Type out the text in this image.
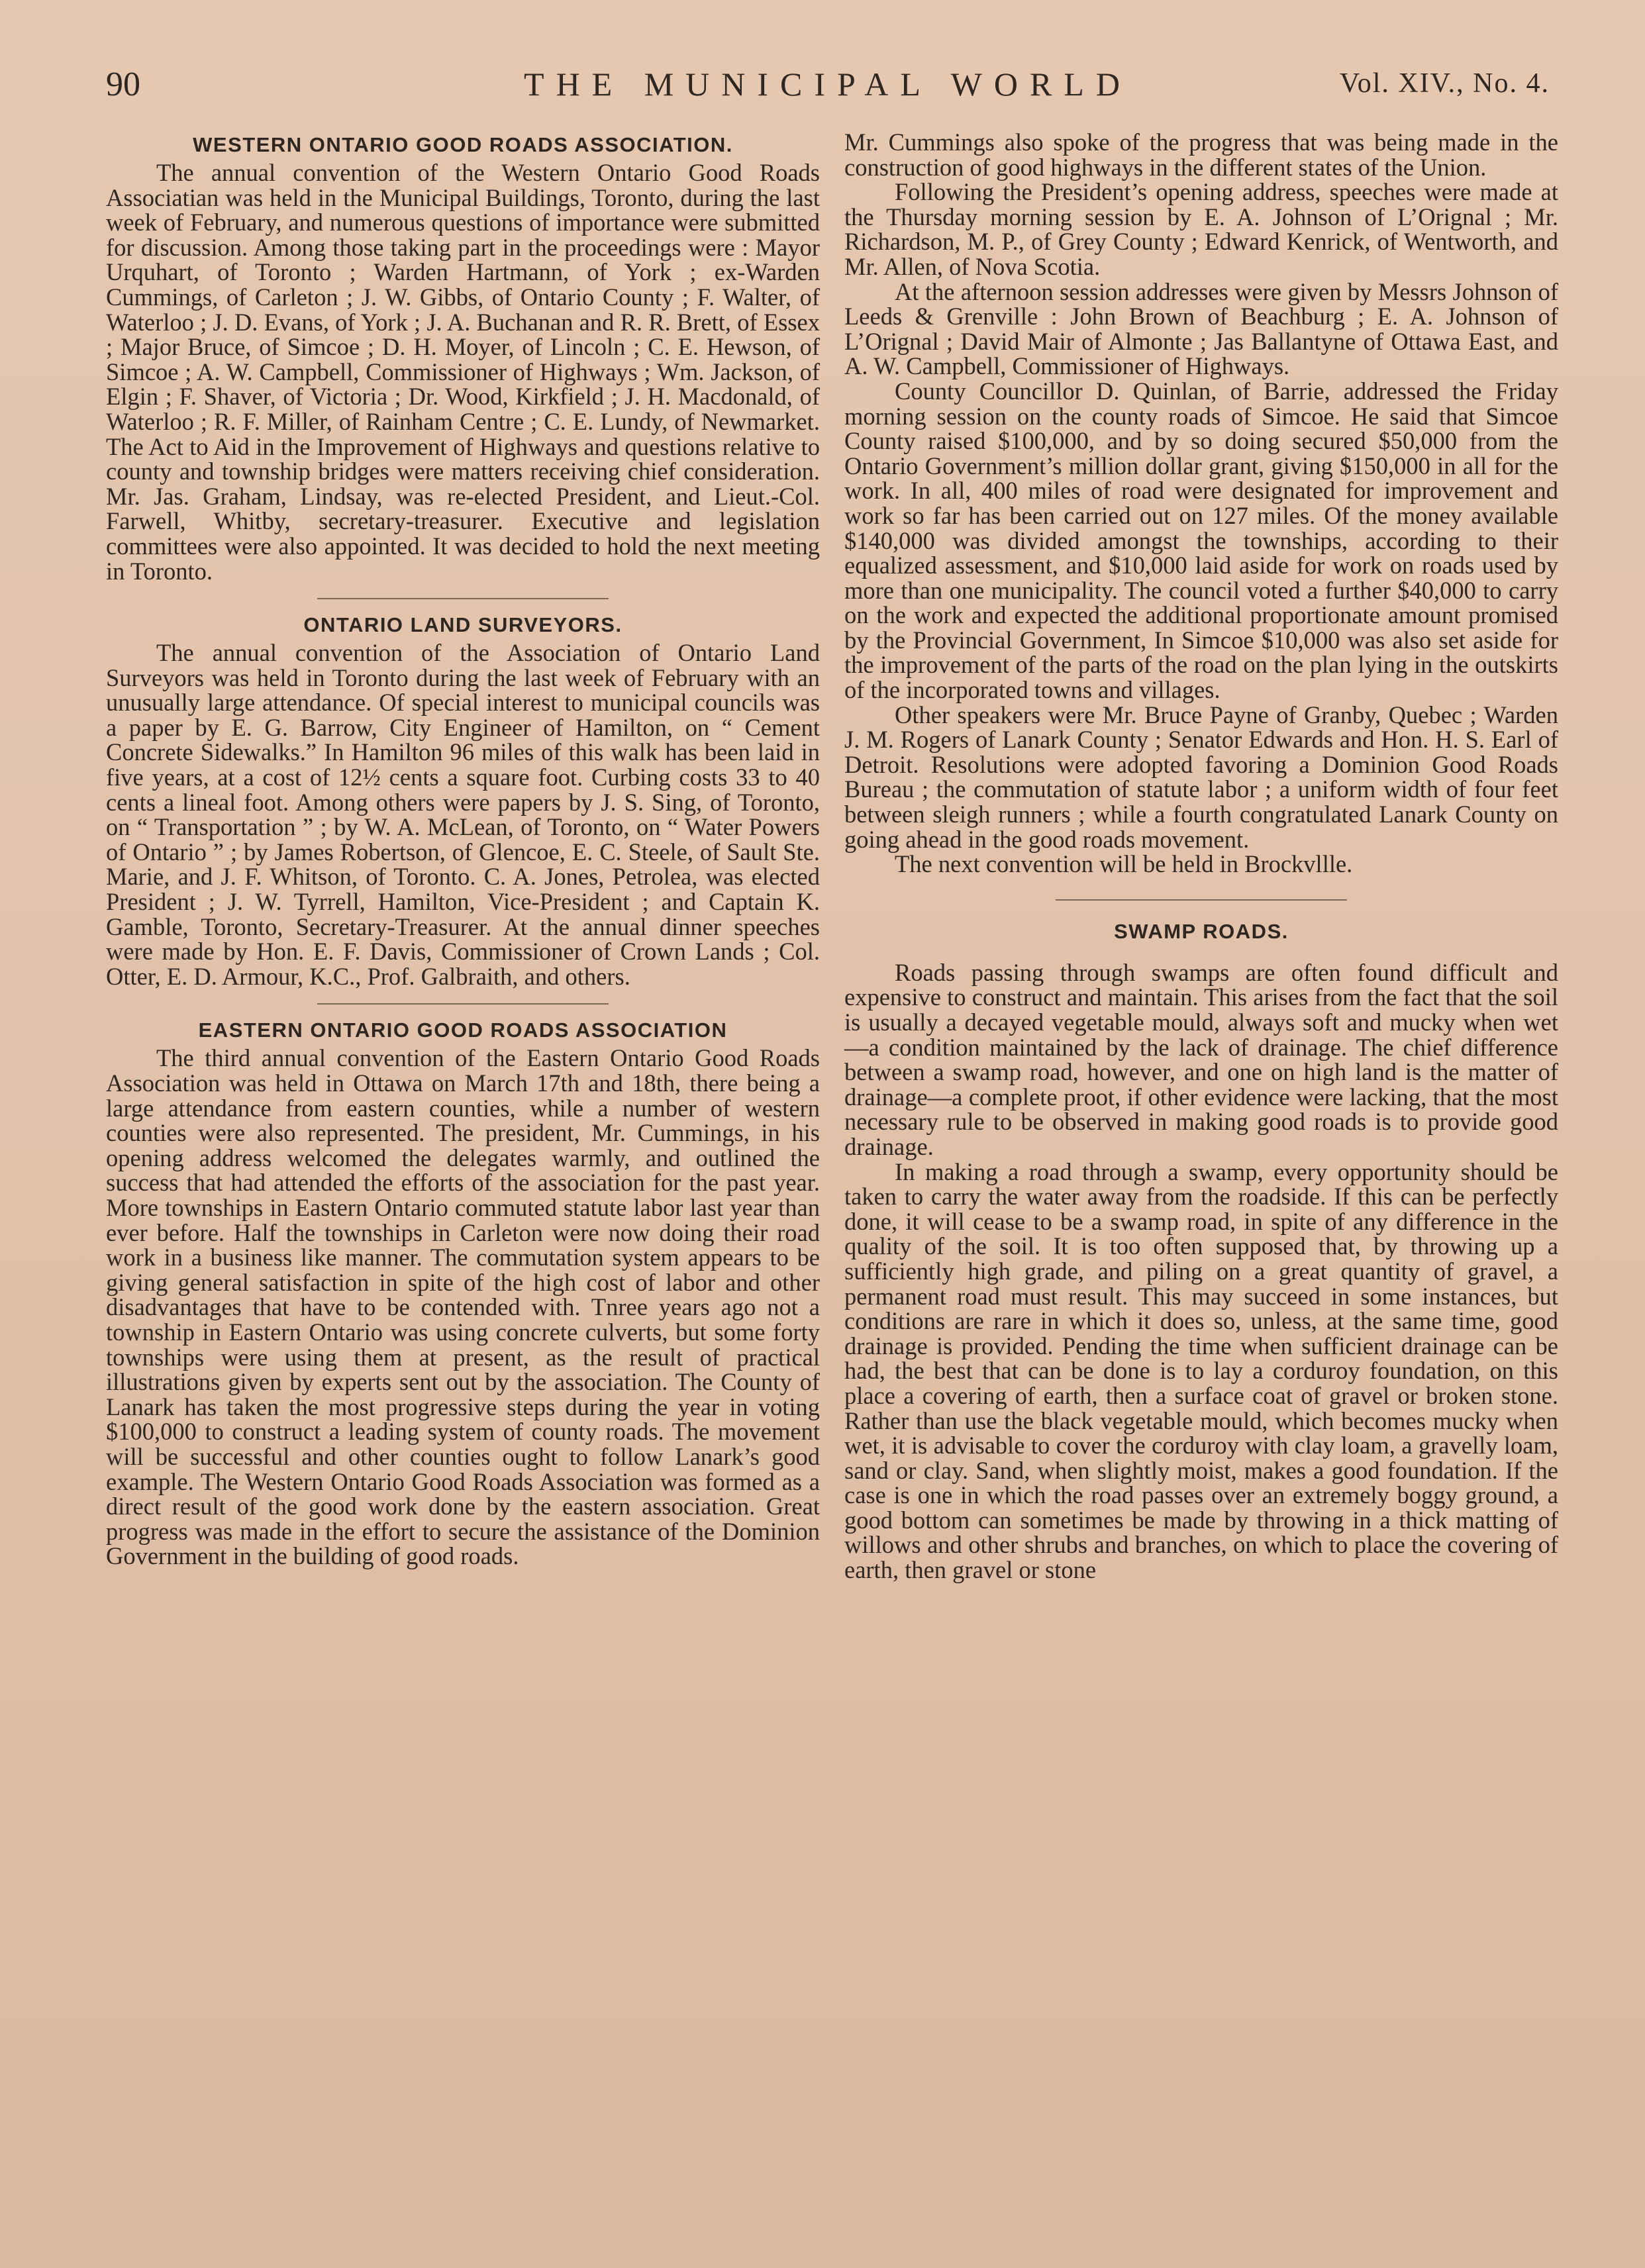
90	THE MUNICIPAL WORLD	Vol. XIV., No. 4.
WESTERN ONTARIO GOOD ROADS ASSOCIATION.

The annual convention of the Western Ontario Good Roads Associatian was held in the Municipal Buildings, Toronto, during the last week of February, and numerous questions of importance were submitted for discussion. Among those taking part in the proceedings were : Mayor Urquhart, of Toronto ; Warden Hartmann, of York ; ex-Warden Cummings, of Carleton ; J. W. Gibbs, of Ontario County ; F. Walter, of Waterloo ; J. D. Evans, of York ; J. A. Buchanan and R. R. Brett, of Essex ; Major Bruce, of Simcoe ; D. H. Moyer, of Lincoln ; C. E. Hewson, of Simcoe ; A. W. Campbell, Commissioner of Highways ; Wm. Jackson, of Elgin ; F. Shaver, of Victoria ; Dr. Wood, Kirkfield ; J. H. Macdonald, of Waterloo ; R. F. Miller, of Rainham Centre ; C. E. Lundy, of Newmarket. The Act to Aid in the Improvement of Highways and questions relative to county and township bridges were matters receiving chief consideration. Mr. Jas. Graham, Lindsay, was re-elected President, and Lieut.-Col. Farwell, Whitby, secretary-treasurer. Executive and legislation committees were also appointed. It was decided to hold the next meeting in Toronto.

ONTARIO LAND SURVEYORS.

The annual convention of the Association of Ontario Land Surveyors was held in Toronto during the last week of February with an unusually large attendance. Of special interest to municipal councils was a paper by E. G. Barrow, City Engineer of Hamilton, on “ Cement Concrete Sidewalks.” In Hamilton 96 miles of this walk has been laid in five years, at a cost of 12½ cents a square foot. Curbing costs 33 to 40 cents a lineal foot. Among others were papers by J. S. Sing, of Toronto, on “ Transportation ” ; by W. A. McLean, of Toronto, on “ Water Powers of Ontario ” ; by James Robertson, of Glencoe, E. C. Steele, of Sault Ste. Marie, and J. F. Whitson, of Toronto. C. A. Jones, Petrolea, was elected President ; J. W. Tyrrell, Hamilton, Vice-President ; and Captain K. Gamble, Toronto, Secretary-Treasurer. At the annual dinner speeches were made by Hon. E. F. Davis, Commissioner of Crown Lands ; Col. Otter, E. D. Armour, K.C., Prof. Galbraith, and others.

EASTERN ONTARIO GOOD ROADS ASSOCIATION

The third annual convention of the Eastern Ontario Good Roads Association was held in Ottawa on March 17th and 18th, there being a large attendance from eastern counties, while a number of western counties were also represented. The president, Mr. Cummings, in his opening address welcomed the delegates warmly, and outlined the success that had attended the efforts of the association for the past year. More townships in Eastern Ontario commuted statute labor last year than ever before. Half the townships in Carleton were now doing their road work in a business like manner. The commutation system appears to be giving general satisfaction in spite of the high cost of labor and other disadvantages that have to be contended with. Tnree years ago not a township in Eastern Ontario was using concrete culverts, but some forty townships were using them at present, as the result of practical illustrations given by experts sent out by the association. The County of Lanark has taken the most progressive steps during the year in voting $100,000 to construct a leading system of county roads. The movement will be successful and other counties ought to follow Lanark’s good example. The Western Ontario Good Roads Association was formed as a direct result of the good work done by the eastern association. Great progress was made in the effort to secure the assistance of the Dominion Government in the building of good roads.

Mr. Cummings also spoke of the progress that was being made in the construction of good highways in the different states of the Union.

Following the President’s opening address, speeches were made at the Thursday morning session by E. A. Johnson of L’Orignal ; Mr. Richardson, M. P., of Grey County ; Edward Kenrick, of Wentworth, and Mr. Allen, of Nova Scotia.

At the afternoon session addresses were given by Messrs Johnson of Leeds & Grenville : John Brown of Beachburg ; E. A. Johnson of L’Orignal ; David Mair of Almonte ; Jas Ballantyne of Ottawa East, and A. W. Campbell, Commissioner of Highways.

County Councillor D. Quinlan, of Barrie, addressed the Friday morning session on the county roads of Simcoe. He said that Simcoe County raised $100,000, and by so doing secured $50,000 from the Ontario Government’s million dollar grant, giving $150,000 in all for the work. In all, 400 miles of road were designated for improvement and work so far has been carried out on 127 miles. Of the money available $140,000 was divided amongst the townships, according to their equalized assessment, and $10,000 laid aside for work on roads used by more than one municipality. The council voted a further $40,000 to carry on the work and expected the additional proportionate amount promised by the Provincial Government, In Simcoe $10,000 was also set aside for the improvement of the parts of the road on the plan lying in the outskirts of the incorporated towns and villages.

Other speakers were Mr. Bruce Payne of Granby, Quebec ; Warden J. M. Rogers of Lanark County ; Senator Edwards and Hon. H. S. Earl of Detroit. Resolutions were adopted favoring a Dominion Good Roads Bureau ; the commutation of statute labor ; a uniform width of four feet between sleigh runners ; while a fourth congratulated Lanark County on going ahead in the good roads movement.

The next convention will be held in Brockvllle.

SWAMP ROADS.

Roads passing through swamps are often found difficult and expensive to construct and maintain. This arises from the fact that the soil is usually a decayed vegetable mould, always soft and mucky when wet—a condition maintained by the lack of drainage. The chief difference between a swamp road, however, and one on high land is the matter of drainage—a complete proot, if other evidence were lacking, that the most necessary rule to be observed in making good roads is to provide good drainage.

In making a road through a swamp, every opportunity should be taken to carry the water away from the roadside. If this can be perfectly done, it will cease to be a swamp road, in spite of any difference in the quality of the soil. It is too often supposed that, by throwing up a sufficiently high grade, and piling on a great quantity of gravel, a permanent road must result. This may succeed in some instances, but conditions are rare in which it does so, unless, at the same time, good drainage is provided. Pending the time when sufficient drainage can be had, the best that can be done is to lay a corduroy foundation, on this place a covering of earth, then a surface coat of gravel or broken stone. Rather than use the black vegetable mould, which becomes mucky when wet, it is advisable to cover the corduroy with clay loam, a gravelly loam, sand or clay. Sand, when slightly moist, makes a good foundation. If the case is one in which the road passes over an extremely boggy ground, a good bottom can sometimes be made by throwing in a thick matting of willows and other shrubs and branches, on which to place the covering of earth, then gravel or stone
